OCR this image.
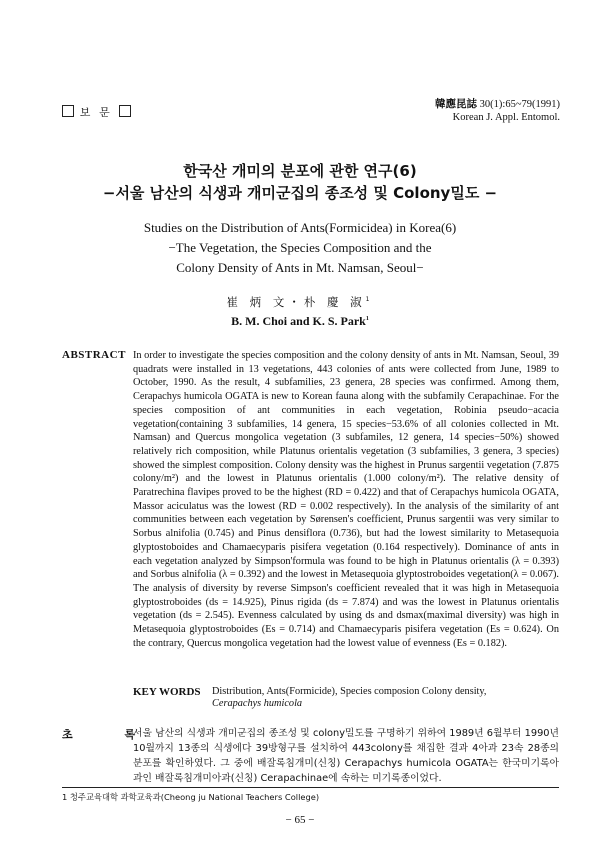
보 문
韓應昆誌 30(1):65~79(1991)
Korean J. Appl. Entomol.
한국산 개미의 분포에 관한 연구(6)
−서울 남산의 식생과 개미군집의 종조성 및 Colony밀도 −
Studies on the Distribution of Ants(Formicidea) in Korea(6)
−The Vegetation, the Species Composition and the
Colony Density of Ants in Mt. Namsan, Seoul−
崔 炳 文・朴 慶 淑$^1$
B. M. Choi and K. S. Park$^1$
ABSTRACT In order to investigate the species composition and the colony density of ants in Mt. Namsan, Seoul, 39 quadrats were installed in 13 vegetations, 443 colonies of ants were collected from June, 1989 to October, 1990. As the result, 4 subfamilies, 23 genera, 28 species was confirmed. Among them, Cerapachys humicola OGATA is new to Korean fauna along with the subfamily Cerapachinae. For the species composition of ant communities in each vegetation, Robinia pseudo−acacia vegetation(containing 3 subfamilies, 14 genera, 15 species−53.6% of all colonies collected in Mt. Namsan) and Quercus mongolica vegetation (3 subfamiles, 12 genera, 14 species−50%) showed relatively rich composition, while Platunus orientalis vegetation (3 subfamilies, 3 genera, 3 species) showed the simplest composition. Colony density was the highest in Prunus sargentii vegetation (7.875 colony/m²) and the lowest in Platunus orientalis (1.000 colony/m²). The relative density of Paratrechina flavipes proved to be the highest (RD = 0.422) and that of Cerapachys humicola OGATA, Massor aciculatus was the lowest (RD = 0.002 respectively). In the analysis of the similarity of ant communities between each vegetation by Sørensen's coefficient, Prunus sargentii was very similar to Sorbus alnifolia (0.745) and Pinus densiflora (0.736), but had the lowest similarity to Metasequoia glyptostoboides and Chamaecyparis pisifera vegetation (0.164 respectively). Dominance of ants in each vegetation analyzed by Simpson'formula was found to be high in Platunus orientalis (λ = 0.393) and Sorbus alnifolia (λ = 0.392) and the lowest in Metasequoia glyptostroboides vegetation(λ = 0.067). The analysis of diversity by reverse Simpson's coefficient revealed that it was high in Metasequoia glyptostroboides (ds = 14.925), Pinus rigida (ds = 7.874) and was the lowest in Platunus orientalis vegetation (ds = 2.545). Evenness calculated by using ds and dsmax(maximal diversity) was high in Metasequoia glyptostroboides (Es = 0.714) and Chamaecyparis pisifera vegetation (Es = 0.624). On the contrary, Quercus mongolica vegetation had the lowest value of evenness (Es = 0.182).

KEY WORDS Distribution, Ants(Formicide), Species composion Colony density,
Cerapachys humicola
초 록

서울 남산의 식생과 개미군집의 종조성 및 colony밀도를 구명하기 위하여 1989년 6월부터 1990년 10월까지 13종의 식생에다 39방형구를 설치하여 443colony를 채집한 결과 4아과 23속 28종의 분포를 확인하였다. 그 중에 배잘록침개미(신칭) Cerapachys humicola OGATA는 한국미기록아과인 배잘록침개미아과(신칭) Cerapachinae에 속하는 미기록종이었다.

1 청주교육대학 과학교육과(Cheong ju National Teachers College)
− 65 −
